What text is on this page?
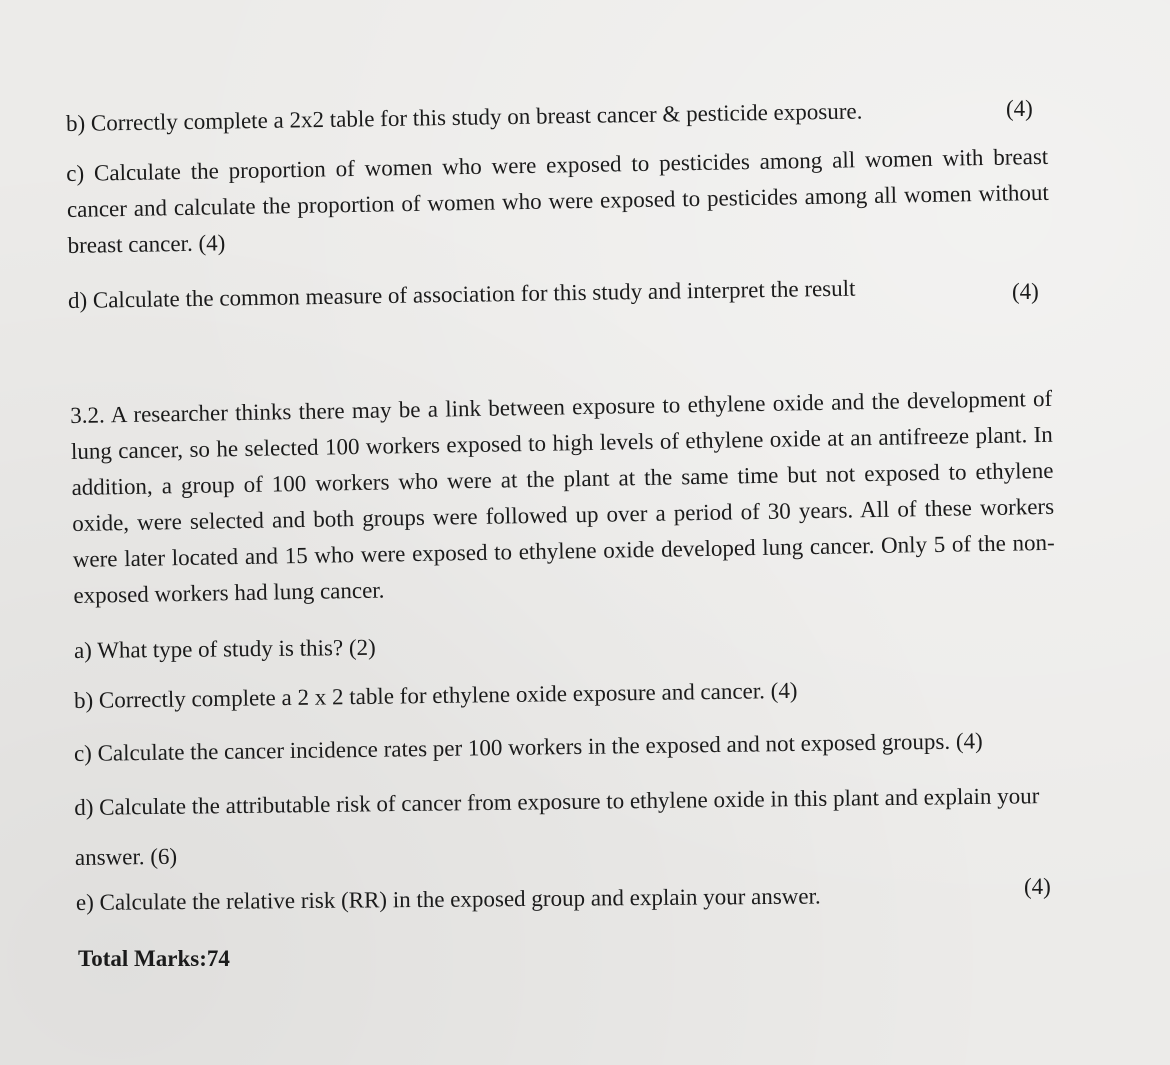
b) Correctly complete a 2x2 table for this study on breast cancer & pesticide exposure.	(4)
c) Calculate the proportion of women who were exposed to pesticides among all women with breast cancer and calculate the proportion of women who were exposed to pesticides among all women without breast cancer. (4)
d) Calculate the common measure of association for this study and interpret the result	(4)
3.2. A researcher thinks there may be a link between exposure to ethylene oxide and the development of lung cancer, so he selected 100 workers exposed to high levels of ethylene oxide at an antifreeze plant. In addition, a group of 100 workers who were at the plant at the same time but not exposed to ethylene oxide, were selected and both groups were followed up over a period of 30 years. All of these workers were later located and 15 who were exposed to ethylene oxide developed lung cancer. Only 5 of the non-exposed workers had lung cancer.
a) What type of study is this? (2)
b) Correctly complete a 2 x 2 table for ethylene oxide exposure and cancer. (4)
c) Calculate the cancer incidence rates per 100 workers in the exposed and not exposed groups. (4)
d) Calculate the attributable risk of cancer from exposure to ethylene oxide in this plant and explain your answer. (6)
e) Calculate the relative risk (RR) in the exposed group and explain your answer.	(4)
Total Marks:74
